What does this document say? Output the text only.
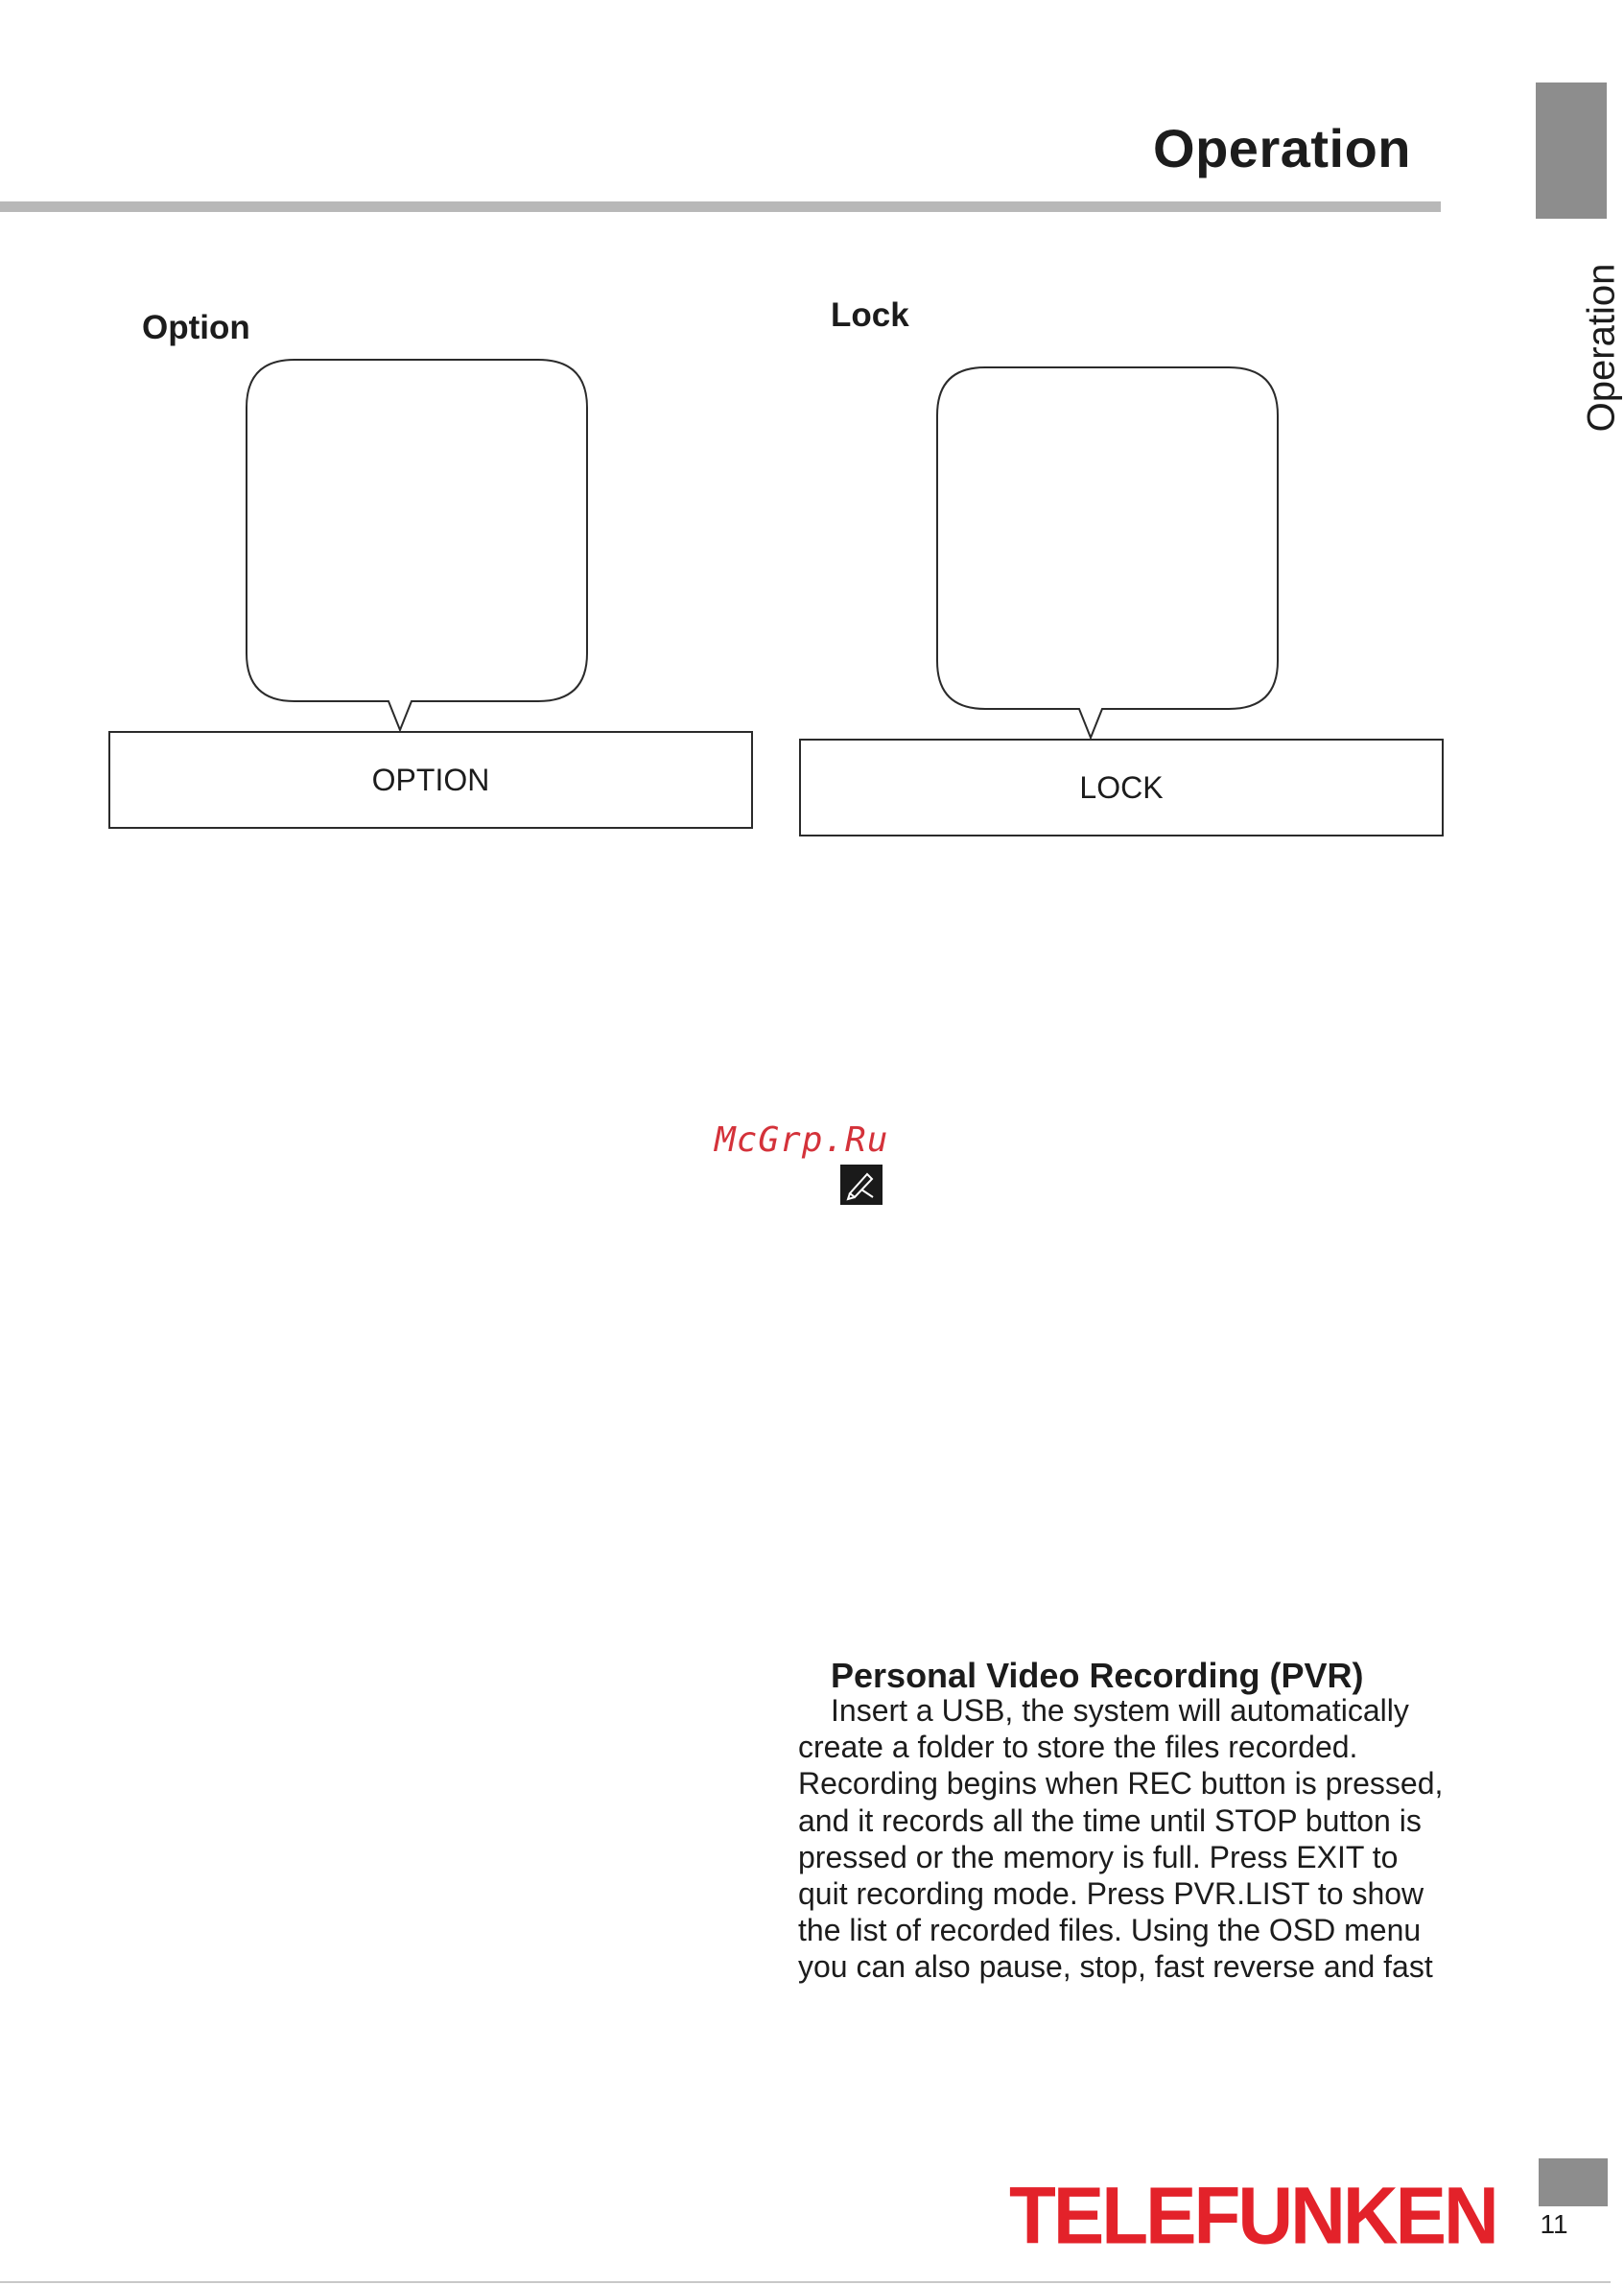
Operation
Operation
Option
OPTION
Lock
LOCK
McGrp.Ru
Personal Video Recording (PVR)
Insert a USB, the system will automatically
create a folder to store the files recorded.
Recording begins when REC button is pressed,
and it records all the time until STOP button is
pressed or the memory is full. Press EXIT to
quit recording mode. Press PVR.LIST to show
the list of recorded files. Using the OSD menu
you can also pause, stop, fast reverse and fast
TELEFUNKEN 11
